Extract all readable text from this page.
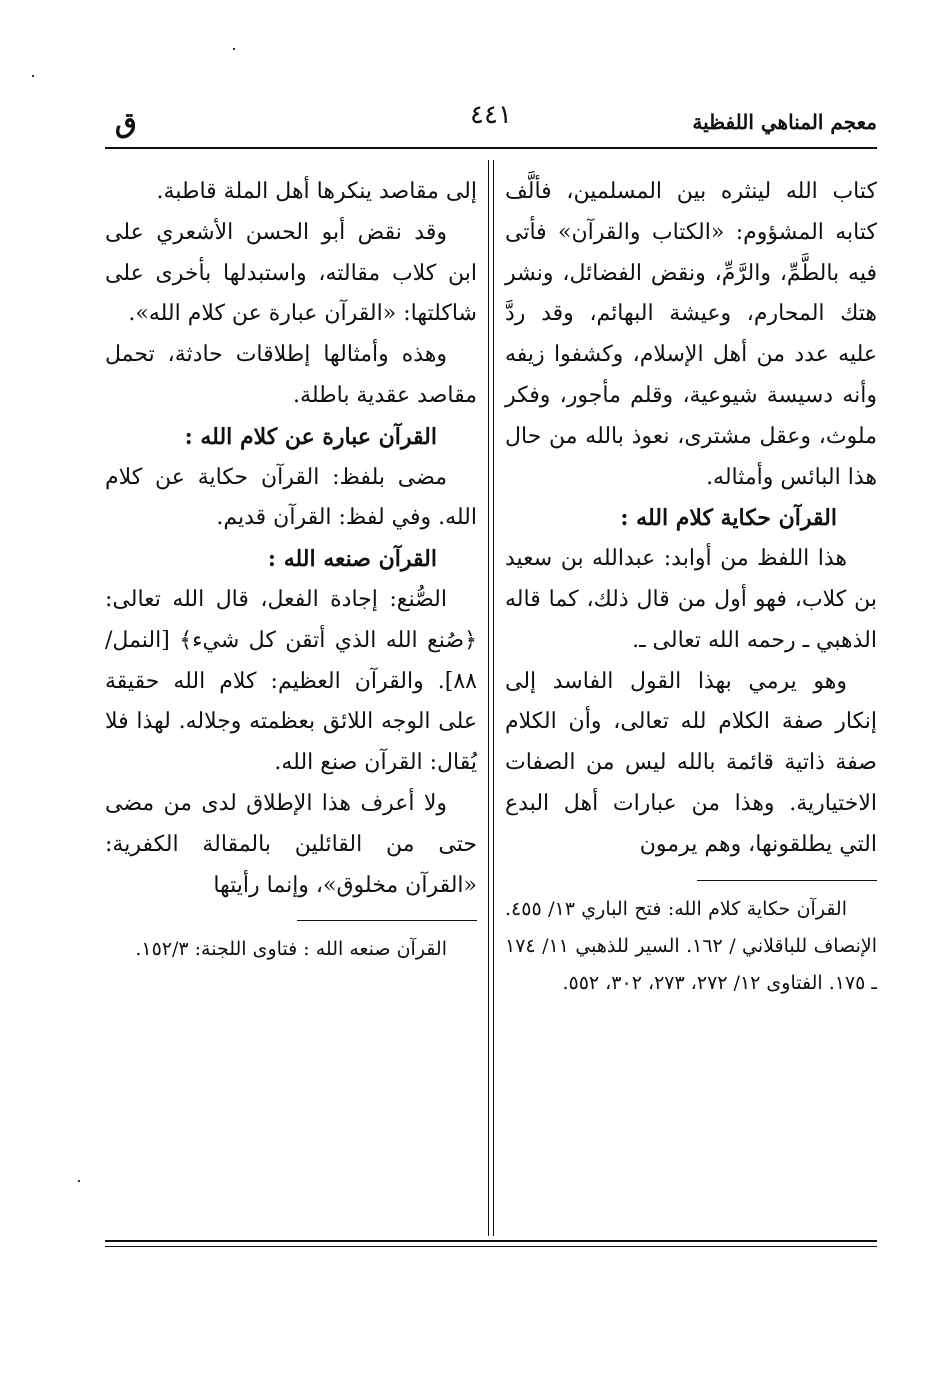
معجم المناهي اللفظية
٤٤١
ق

كتاب الله لينثره بين المسلمين، فألَّف كتابه المشؤوم: «الكتاب والقرآن» فأتى فيه بالطَّمِّ، والرَّمِّ، ونقض الفضائل، ونشر هتك المحارم، وعيشة البهائم، وقد ردَّ عليه عدد من أهل الإسلام، وكشفوا زيفه وأنه دسيسة شيوعية، وقلم مأجور، وفكر ملوث، وعقل مشترى، نعوذ بالله من حال هذا البائس وأمثاله.

القرآن حكاية كلام الله :

هذا اللفظ من أوابد: عبدالله بن سعيد بن كلاب، فهو أول من قال ذلك، كما قاله الذهبي ـ رحمه الله تعالى ـ.

وهو يرمي بهذا القول الفاسد إلى إنكار صفة الكلام لله تعالى، وأن الكلام صفة ذاتية قائمة بالله ليس من الصفات الاختيارية. وهذا من عبارات أهل البدع التي يطلقونها، وهم يرمون

القرآن حكاية كلام الله: فتح الباري ١٣/ ٤٥٥. الإنصاف للباقلاني / ١٦٢. السير للذهبي ١١/ ١٧٤ ـ ١٧٥. الفتاوى ١٢/ ٢٧٢، ٢٧٣، ٣٠٢، ٥٥٢.

إلى مقاصد ينكرها أهل الملة قاطبة.

وقد نقض أبو الحسن الأشعري على ابن كلاب مقالته، واستبدلها بأخرى على شاكلتها: «القرآن عبارة عن كلام الله».

وهذه وأمثالها إطلاقات حادثة، تحمل مقاصد عقدية باطلة.

القرآن عبارة عن كلام الله :

مضى بلفظ: القرآن حكاية عن كلام الله. وفي لفظ: القرآن قديم.

القرآن صنعه الله :

الصُّنع: إجادة الفعل، قال الله تعالى: ﴿صُنع الله الذي أتقن كل شيء﴾ [النمل/٨٨]. والقرآن العظيم: كلام الله حقيقة على الوجه اللائق بعظمته وجلاله. لهذا فلا يُقال: القرآن صنع الله.

ولا أعرف هذا الإطلاق لدى من مضى حتى من القائلين بالمقالة الكفرية: «القرآن مخلوق»، وإنما رأيتها

القرآن صنعه الله : فتاوى اللجنة: ١٥٢/٣.
